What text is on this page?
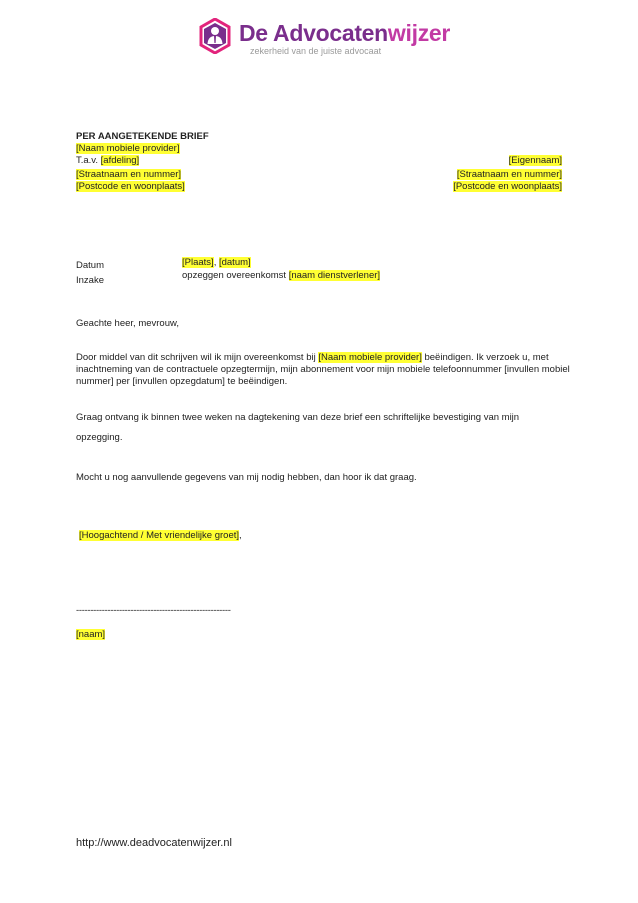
De Advocatenwijzer
zekerheid van de juiste advocaat
PER AANGETEKENDE BRIEF
[Naam mobiele provider]
T.a.v. [afdeling]
[Straatnaam en nummer]
[Postcode en woonplaats]
[Eigennaam]
[Straatnaam en nummer]
[Postcode en woonplaats]
Datum	[Plaats], [datum]
Inzake	opzeggen overeenkomst [naam dienstverlener]
Geachte heer, mevrouw,
Door middel van dit schrijven wil ik mijn overeenkomst bij [Naam mobiele provider] beëindigen. Ik verzoek u, met inachtneming van de contractuele opzegtermijn, mijn abonnement voor mijn mobiele telefoonnummer [invullen mobiel nummer] per [invullen opzegdatum] te beëindigen.
Graag ontvang ik binnen twee weken na dagtekening van deze brief een schriftelijke bevestiging van mijn
opzegging.
Mocht u nog aanvullende gegevens van mij nodig hebben, dan hoor ik dat graag.
[Hoogachtend / Met vriendelijke groet],
------------------------------------------------------
[naam]
http://www.deadvocatenwijzer.nl
